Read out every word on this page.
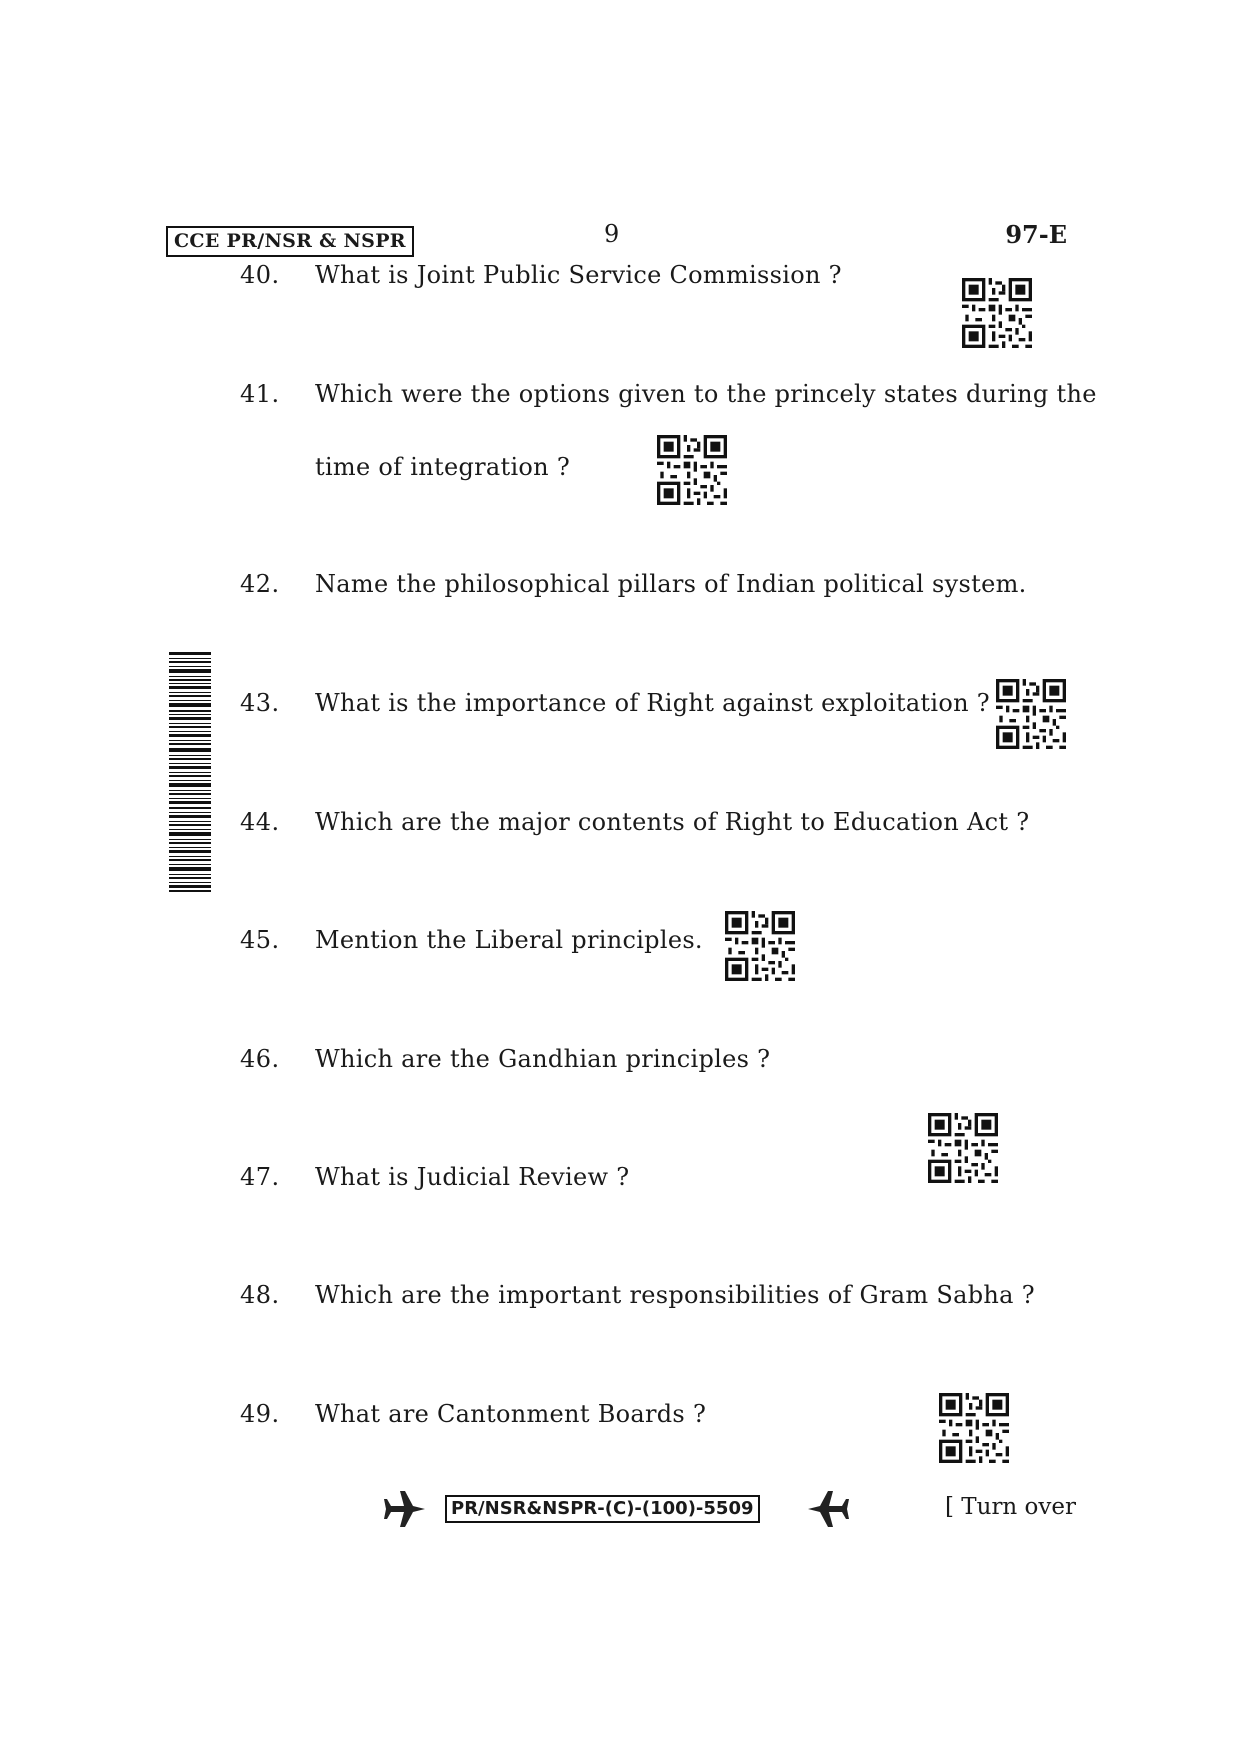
CCE PR/NSR & NSPR	9	97-E
40. What is Joint Public Service Commission ?
41. Which were the options given to the princely states during the
time of integration ?
42. Name the philosophical pillars of Indian political system.
43. What is the importance of Right against exploitation ?
44. Which are the major contents of Right to Education Act ?
45. Mention the Liberal principles.
46. Which are the Gandhian principles ?
47. What is Judicial Review ?
48. Which are the important responsibilities of Gram Sabha ?
49. What are Cantonment Boards ?
PR/NSR&NSPR-(C)-(100)-5509	[ Turn over
